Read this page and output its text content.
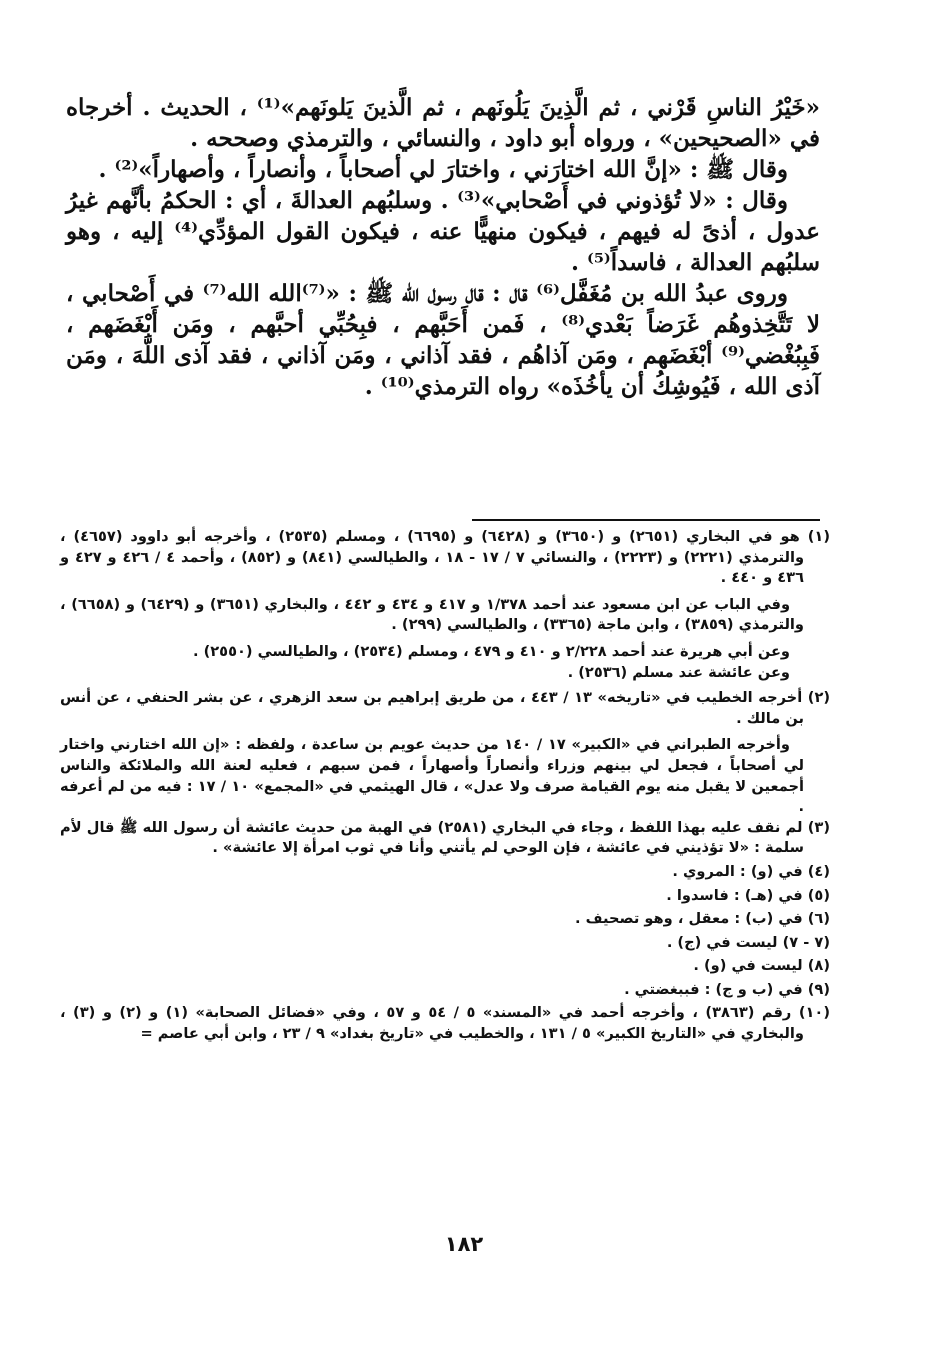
«خَيْرُ الناسِ قَرْني ، ثم الَّذِينَ يَلُونَهم ، ثم الَّذينَ يَلونَهم»⁽¹⁾ ، الحديث . أخرجاه في «الصحيحين» ، ورواه أبو داود ، والنسائي ، والترمذي وصححه .

وقال ﷺ : «إنَّ الله اختارَني ، واختارَ لي أصحاباً ، وأنصاراً ، وأصهاراً»⁽²⁾ .

وقال : «لا تُؤذوني في أَصْحابي»⁽³⁾ . وسلبُهم العدالةَ ، أي : الحكمُ بأنَّهم غيرُ عدول ، أذىً له فيهم ، فيكون منهيًّا عنه ، فيكون القول المؤدِّي⁽⁴⁾ إليه ، وهو سلبُهم العدالة ، فاسداً⁽⁵⁾ .

وروى عبدُ الله بن مُغَفَّل⁽⁶⁾ قال : قال رسول الله ﷺ : «⁽⁷⁾الله الله⁽⁷⁾ في أَصْحابي ، لا تَتَّخِذوهُم غَرَضاً بَعْدي⁽⁸⁾ ، فَمن أَحَبَّهم ، فبِحُبِّي أحبَّهم ، ومَن أَبْغَضَهم ، فَبِبُغْضي⁽⁹⁾ أبْغَضَهم ، ومَن آذاهُم ، فقد آذاني ، ومَن آذاني ، فقد آذى اللَّهَ ، ومَن آذى الله ، فَيُوشِكُ أن يأخُذَه» رواه الترمذي⁽¹⁰⁾ .

(١) هو في البخاري (٢٦٥١) و (٣٦٥٠) و (٦٤٢٨) و (٦٦٩٥) ، ومسلم (٢٥٣٥) ، وأخرجه أبو داوود (٤٦٥٧) ، والترمذي (٢٢٢١) و (٢٢٢٣) ، والنسائي ٧ / ١٧ - ١٨ ، والطيالسي (٨٤١) و (٨٥٢) ، وأحمد ٤ / ٤٢٦ و ٤٢٧ و ٤٣٦ و ٤٤٠ .

وفي الباب عن ابن مسعود عند أحمد ١/٣٧٨ و ٤١٧ و ٤٣٤ و ٤٤٢ ، والبخاري (٣٦٥١) و (٦٤٢٩) و (٦٦٥٨) ، والترمذي (٣٨٥٩) ، وابن ماجة (٣٣٦٥) ، والطيالسي (٢٩٩) .

وعن أبي هريرة عند أحمد ٢/٢٢٨ و ٤١٠ و ٤٧٩ ، ومسلم (٢٥٣٤) ، والطيالسي (٢٥٥٠) .

وعن عائشة عند مسلم (٢٥٣٦) .

(٢) أخرجه الخطيب في «تاريخه» ١٣ / ٤٤٣ ، من طريق إبراهيم بن سعد الزهري ، عن بشر الحنفي ، عن أنس بن مالك .

وأخرجه الطبراني في «الكبير» ١٧ / ١٤٠ من حديث عويم بن ساعدة ، ولفظه : «إن الله اختارني واختار لي أصحاباً ، فجعل لي بينهم وزراء وأنصاراً وأصهاراً ، فمن سبهم ، فعليه لعنة الله والملائكة والناس أجمعين لا يقبل منه يوم القيامة صرف ولا عدل» ، قال الهيثمي في «المجمع» ١٠ / ١٧ : فيه من لم أعرفه .

(٣) لم نقف عليه بهذا اللفظ ، وجاء في البخاري (٢٥٨١) في الهبة من حديث عائشة أن رسول الله ﷺ قال لأم سلمة : «لا تؤذيني في عائشة ، فإن الوحي لم يأتني وأنا في ثوب امرأة إلا عائشة» .

(٤) في (و) : المروي .

(٥) في (هـ) : فاسدوا .

(٦) في (ب) : معقل ، وهو تصحيف .

(٧ - ٧) ليست في (ج) .

(٨) ليست في (و) .

(٩) في (ب و ج) : فببغضتي .

(١٠) رقم (٣٨٦٣) ، وأخرجه أحمد في «المسند» ٥ / ٥٤ و ٥٧ ، وفي «فضائل الصحابة» (١) و (٢) و (٣) ، والبخاري في «التاريخ الكبير» ٥ / ١٣١ ، والخطيب في «تاريخ بغداد» ٩ / ٢٣ ، وابن أبي عاصم =

١٨٢
